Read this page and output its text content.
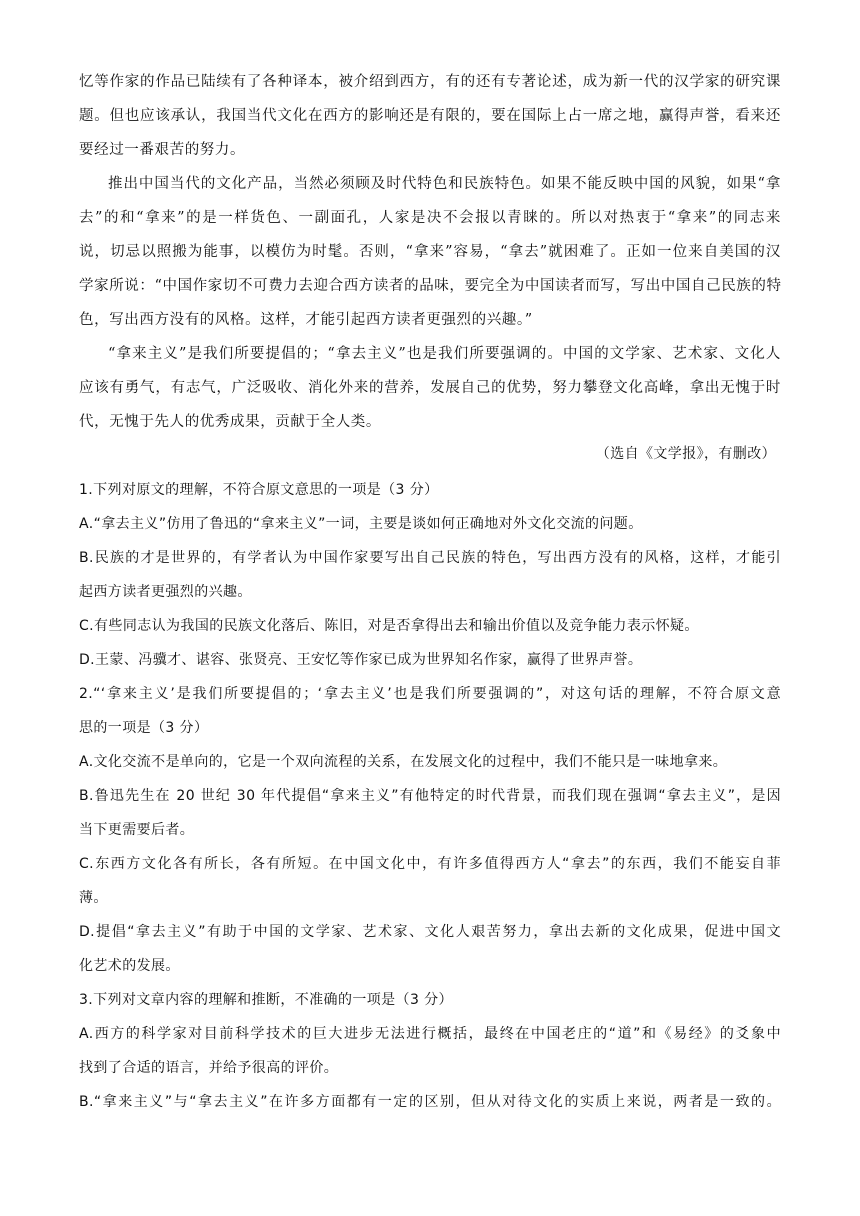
忆等作家的作品已陆续有了各种译本，被介绍到西方，有的还有专著论述，成为新一代的汉学家的研究课
题。但也应该承认，我国当代文化在西方的影响还是有限的，要在国际上占一席之地，赢得声誉，看来还
要经过一番艰苦的努力。
推出中国当代的文化产品，当然必须顾及时代特色和民族特色。如果不能反映中国的风貌，如果“拿
去”的和“拿来”的是一样货色、一副面孔，人家是决不会报以青睐的。所以对热衷于“拿来”的同志来
说，切忌以照搬为能事，以模仿为时髦。否则，“拿来”容易，“拿去”就困难了。正如一位来自美国的汉
学家所说：“中国作家切不可费力去迎合西方读者的品味，要完全为中国读者而写，写出中国自己民族的特
色，写出西方没有的风格。这样，才能引起西方读者更强烈的兴趣。”
“拿来主义”是我们所要提倡的；“拿去主义”也是我们所要强调的。中国的文学家、艺术家、文化人
应该有勇气，有志气，广泛吸收、消化外来的营养，发展自己的优势，努力攀登文化高峰，拿出无愧于时
代，无愧于先人的优秀成果，贡献于全人类。
（选自《文学报》，有删改）
1.下列对原文的理解，不符合原文意思的一项是（3 分）
A.“拿去主义”仿用了鲁迅的“拿来主义”一词，主要是谈如何正确地对外文化交流的问题。
B.民族的才是世界的，有学者认为中国作家要写出自己民族的特色，写出西方没有的风格，这样，才能引
起西方读者更强烈的兴趣。
C.有些同志认为我国的民族文化落后、陈旧，对是否拿得出去和输出价值以及竞争能力表示怀疑。
D.王蒙、冯骥才、谌容、张贤亮、王安忆等作家已成为世界知名作家，赢得了世界声誉。
2.“‘拿来主义’是我们所要提倡的；‘拿去主义’也是我们所要强调的”，对这句话的理解，不符合原文意
思的一项是（3 分）
A.文化交流不是单向的，它是一个双向流程的关系，在发展文化的过程中，我们不能只是一味地拿来。
B.鲁迅先生在 20 世纪 30 年代提倡“拿来主义”有他特定的时代背景，而我们现在强调“拿去主义”，是因
当下更需要后者。
C.东西方文化各有所长，各有所短。在中国文化中，有许多值得西方人“拿去”的东西，我们不能妄自菲
薄。
D.提倡“拿去主义”有助于中国的文学家、艺术家、文化人艰苦努力，拿出去新的文化成果，促进中国文
化艺术的发展。
3.下列对文章内容的理解和推断，不准确的一项是（3 分）
A.西方的科学家对目前科学技术的巨大进步无法进行概括，最终在中国老庄的“道”和《易经》的爻象中
找到了合适的语言，并给予很高的评价。
B.“拿来主义”与“拿去主义”在许多方面都有一定的区别，但从对待文化的实质上来说，两者是一致的。
